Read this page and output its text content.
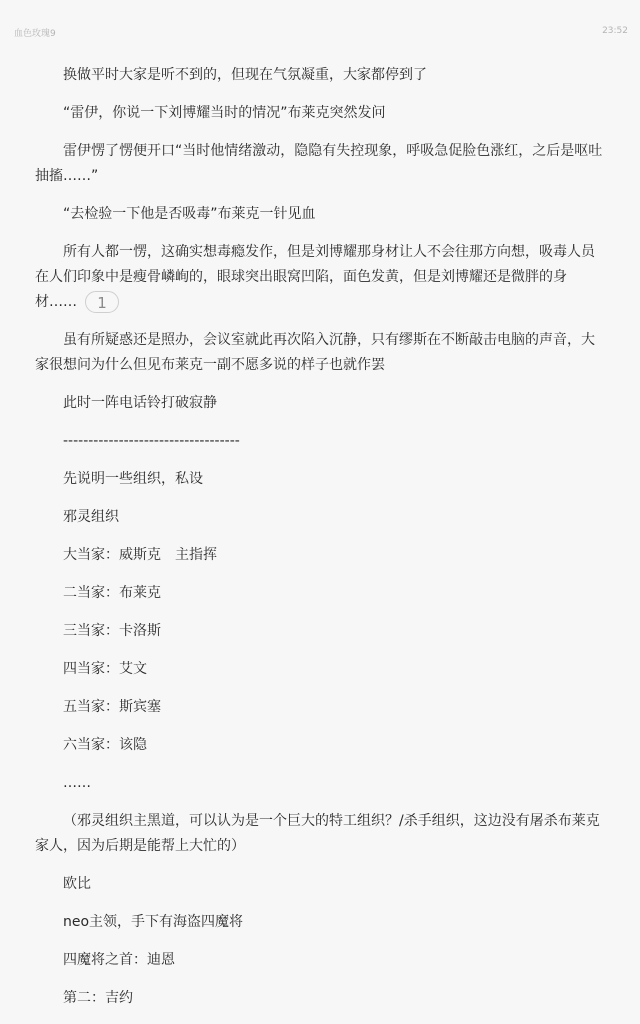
血色玫瑰9	23:52

换做平时大家是听不到的，但现在气氛凝重，大家都停到了

“雷伊，你说一下刘博耀当时的情况”布莱克突然发问

雷伊愣了愣便开口“当时他情绪激动，隐隐有失控现象，呼吸急促脸色涨红，之后是呕吐抽搐……”

“去检验一下他是否吸毒”布莱克一针见血

所有人都一愣，这确实想毒瘾发作，但是刘博耀那身材让人不会往那方向想，吸毒人员在人们印象中是瘦骨嶙峋的，眼球突出眼窝凹陷，面色发黄，但是刘博耀还是微胖的身材…… 1

虽有所疑惑还是照办，会议室就此再次陷入沉静，只有缪斯在不断敲击电脑的声音，大家很想问为什么但见布莱克一副不愿多说的样子也就作罢

此时一阵电话铃打破寂静

-----------------------------------

先说明一些组织，私设

邪灵组织

大当家：威斯克　主指挥

二当家：布莱克

三当家：卡洛斯

四当家：艾文

五当家：斯宾塞

六当家：该隐

……

（邪灵组织主黑道，可以认为是一个巨大的特工组织？/杀手组织，这边没有屠杀布莱克家人，因为后期是能帮上大忙的）

欧比

neo主领，手下有海盗四魔将

四魔将之首：迪恩

第二：吉约
